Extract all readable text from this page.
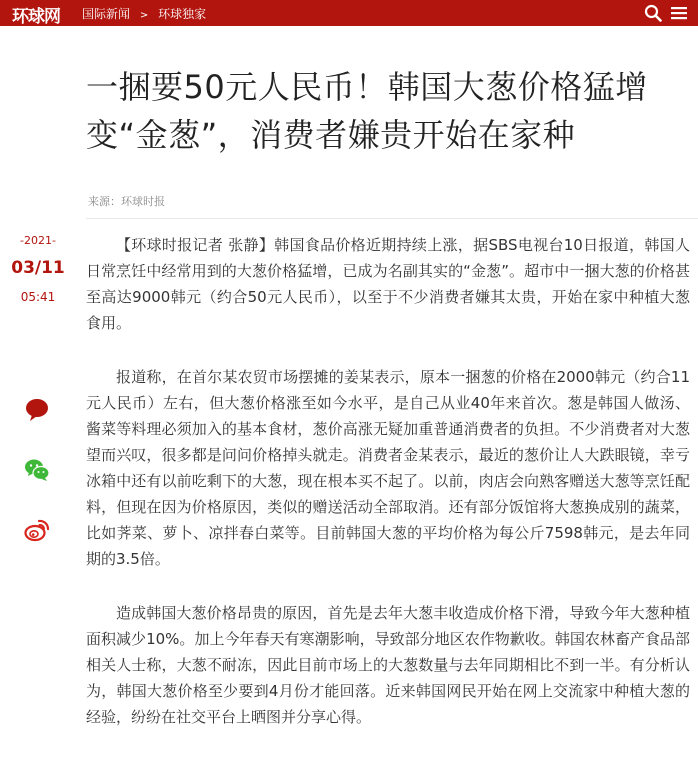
环球网 国际新闻 > 环球独家
一捆要50元人民币！韩国大葱价格猛增变“金葱”，消费者嫌贵开始在家种
来源：环球时报
-2021-
03/11
05:41

【环球时报记者 张静】韩国食品价格近期持续上涨，据SBS电视台10日报道，韩国人日常烹饪中经常用到的大葱价格猛增，已成为名副其实的“金葱”。超市中一捆大葱的价格甚至高达9000韩元（约合50元人民币），以至于不少消费者嫌其太贵，开始在家中种植大葱食用。

报道称，在首尔某农贸市场摆摊的姜某表示，原本一捆葱的价格在2000韩元（约合11元人民币）左右，但大葱价格涨至如今水平，是自己从业40年来首次。葱是韩国人做汤、酱菜等料理必须加入的基本食材，葱价高涨无疑加重普通消费者的负担。不少消费者对大葱望而兴叹，很多都是问问价格掉头就走。消费者金某表示，最近的葱价让人大跌眼镜，幸亏冰箱中还有以前吃剩下的大葱，现在根本买不起了。以前，肉店会向熟客赠送大葱等烹饪配料，但现在因为价格原因，类似的赠送活动全部取消。还有部分饭馆将大葱换成别的蔬菜，比如荠菜、萝卜、凉拌春白菜等。目前韩国大葱的平均价格为每公斤7598韩元，是去年同期的3.5倍。

造成韩国大葱价格昂贵的原因，首先是去年大葱丰收造成价格下滑，导致今年大葱种植面积减少10%。加上今年春天有寒潮影响，导致部分地区农作物歉收。韩国农林畜产食品部相关人士称，大葱不耐冻，因此目前市场上的大葱数量与去年同期相比不到一半。有分析认为，韩国大葱价格至少要到4月份才能回落。近来韩国网民开始在网上交流家中种植大葱的经验，纷纷在社交平台上晒图并分享心得。
